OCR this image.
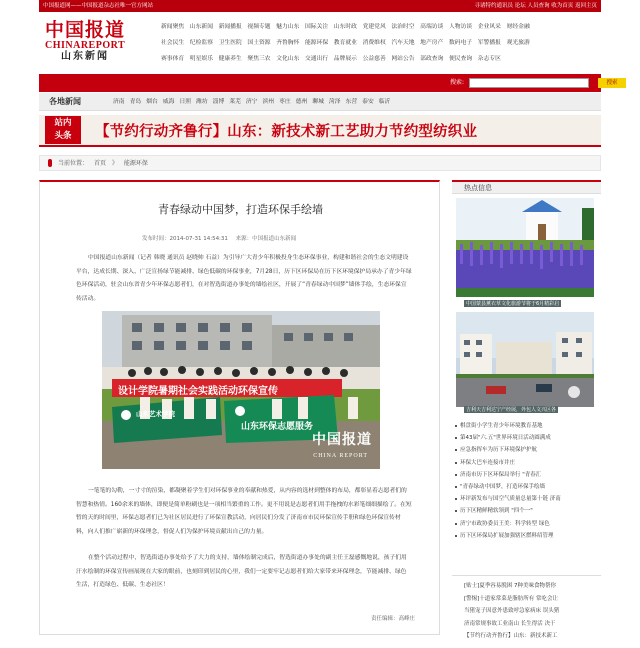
中国报道网——中国报道杂志社唯一官方网站	寻诸特约通讯员 论坛 人员查询 收为首页 返回主页
中国报道
CHINAREPORT
山东新闻
新闻聚焦 山东新闻 新闻播报 视频专题 魅力山东 国际关注 山东时政 党建党风 法治时空 高端访谈 人物访谈 企业风采 财经金融
社会民生 纪检监察 卫生医院 国土资源 齐鲁胸怀 能源环保 教育就业 消费维权 汽车天地 地产房产 数码电子 军警播报 观光旅游
赛事体育 明星娱乐 健康养生 聚焦三农 文化山东 交通出行 品牌展示 公益慈善 网站公告 部政查询 便民查询 杂志专区
搜索:	搜索
各地新闻	济南 青岛 烟台 威海 日照 潍坊 淄博 莱芜 济宁 滨州 枣庄 德州 聊城 菏泽 东营 泰安 临沂
站内
头条	【节约行动齐鲁行】山东：新技术新工艺助力节约型纺织业
当前位置： 首页 》 能源环保
青春绿动中国梦，打造环保手绘墙
发布时间：2014-07-31 14:54:31 来源：中国报道山东新闻
中国报道山东新闻（记者 韩晓 通讯员 赵晓帅 石益）为引导广大青少年积极投身生态环保事业，构建和谐社会的生态文明建设平台，达成长期、深入、广泛宣扬绿节能减排、绿色低碳的环保事业，7月28日，历下区环保局在历下区环境保护局承办了青少年绿色环保活动，驻会山东省青少年环保志愿者们，在对智选街道办事处的墙绘社区，开展了“青春绿动中国梦”墙体手绘，生态环保宣传活动。
设计学院暑期社会实践活动环保宣传
山东艺术学院
山东环保志愿服务
中国报道
CHINA REPORT
一笔笔的勾勒，一寸寸的渲染，都凝聚着学生们对环保事业的奉献和热爱，从内容的选材到整体的布局，都彰显着志愿者们的智慧和热情。160余米的墙体，即便是简单粉刷也是一项相当繁重的工作。更不用说是志愿者们用手拖拽的水彩笔细细描绘了。在短暂的天的时间里，环保志愿者们已为社区居民进行了环保宣教活动，向居民们分发了济南市市民环保宣传手册和绿色环保宣传材料，向人们推广崭新的环保理念，督促人们为保护环境贡献出自己的力量。
在整个活动过程中，智选街道办事处给予了大力的支持，墙体绘制完成后，智选街道办事处的副主任王磊感慨地说，孩子们用汗水绘制的环保宣传画展现在大家的眼前，也刻印到居民的心里，我们一定要牢记志愿者们给大家带来环保理念，节能减排、绿色生活，打造绿色、低碳、生态社区！
责任编辑：高峰庄
热点信息
中国蒙县薰衣草文化旅游节将于6月精彩启
吉利天吉利达宁产经展，外包人文兴区各
棋盘街小学生青少年环境教育基地
第43届"六.五"世界环境日活动圆满成
应急指挥车为历下环境保护护航
环保大巴车连接市井庄
济南市历下区环保局举行 "青春汇
"青春绿动中国梦，打造环保手绘墙
环评新发布与国空气质量总量第十链 济南
历下区精鲜精软领到 "四个一"
济宁市政协委员王美：科学转型 绿色
历下区环保局扩展加强辖区燃料绍管理
[贴士]夏季容易脱困 7种美味食物帮你
[警惕]十道家常菜是脂肪所有 常吃会让
当猪宠子因意外患致呼急家病床 误头猪
济南常规事故工业南山 长生得活 决干
【节约行动齐鲁行】山东：新技术新工
